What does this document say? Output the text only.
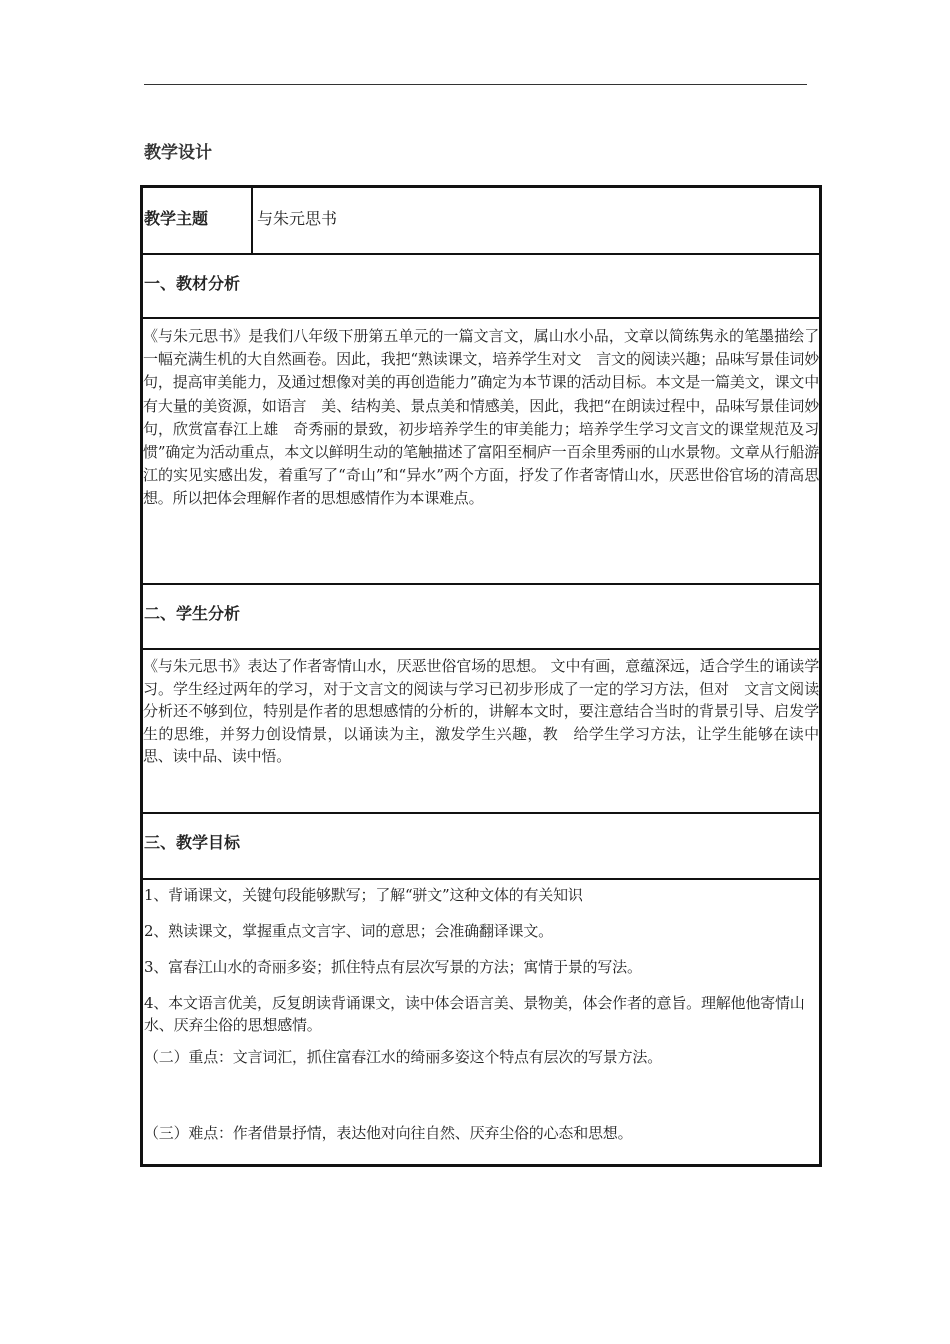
教学设计
教学主题	与朱元思书
一、教材分析

《与朱元思书》是我们八年级下册第五单元的一篇文言文，属山水小品，文章以简练隽永的笔墨描绘了一幅充满生机的大自然画卷。因此，我把“熟读课文，培养学生对文　言文的阅读兴趣；品味写景佳词妙句，提高审美能力，及通过想像对美的再创造能力”确定为本节课的活动目标。本文是一篇美文，课文中有大量的美资源，如语言　美、结构美、景点美和情感美，因此，我把“在朗读过程中，品味写景佳词妙句，欣赏富春江上雄　奇秀丽的景致，初步培养学生的审美能力；培养学生学习文言文的课堂规范及习惯”确定为活动重点，本文以鲜明生动的笔触描述了富阳至桐庐一百余里秀丽的山水景物。文章从行船游江的实见实感出发，着重写了“奇山”和“异水”两个方面，抒发了作者寄情山水，厌恶世俗官场的清高思想。所以把体会理解作者的思想感情作为本课难点。

二、学生分析

《与朱元思书》表达了作者寄情山水，厌恶世俗官场的思想。 文中有画，意蕴深远，适合学生的诵读学习。学生经过两年的学习，对于文言文的阅读与学习已初步形成了一定的学习方法，但对　文言文阅读分析还不够到位，特别是作者的思想感情的分析的，讲解本文时，要注意结合当时的背景引导、启发学生的思维，并努力创设情景，以诵读为主，激发学生兴趣，教　给学生学习方法，让学生能够在读中思、读中品、读中悟。

三、教学目标

1、背诵课文，关键句段能够默写；了解“骈文”这种文体的有关知识

2、熟读课文，掌握重点文言字、词的意思；会准确翻译课文。

3、富春江山水的奇丽多姿；抓住特点有层次写景的方法；寓情于景的写法。

4、本文语言优美，反复朗读背诵课文，读中体会语言美、景物美，体会作者的意旨。理解他他寄情山水、厌弃尘俗的思想感情。

（二）重点：文言词汇，抓住富春江水的绮丽多姿这个特点有层次的写景方法。

（三）难点：作者借景抒情，表达他对向往自然、厌弃尘俗的心态和思想。
